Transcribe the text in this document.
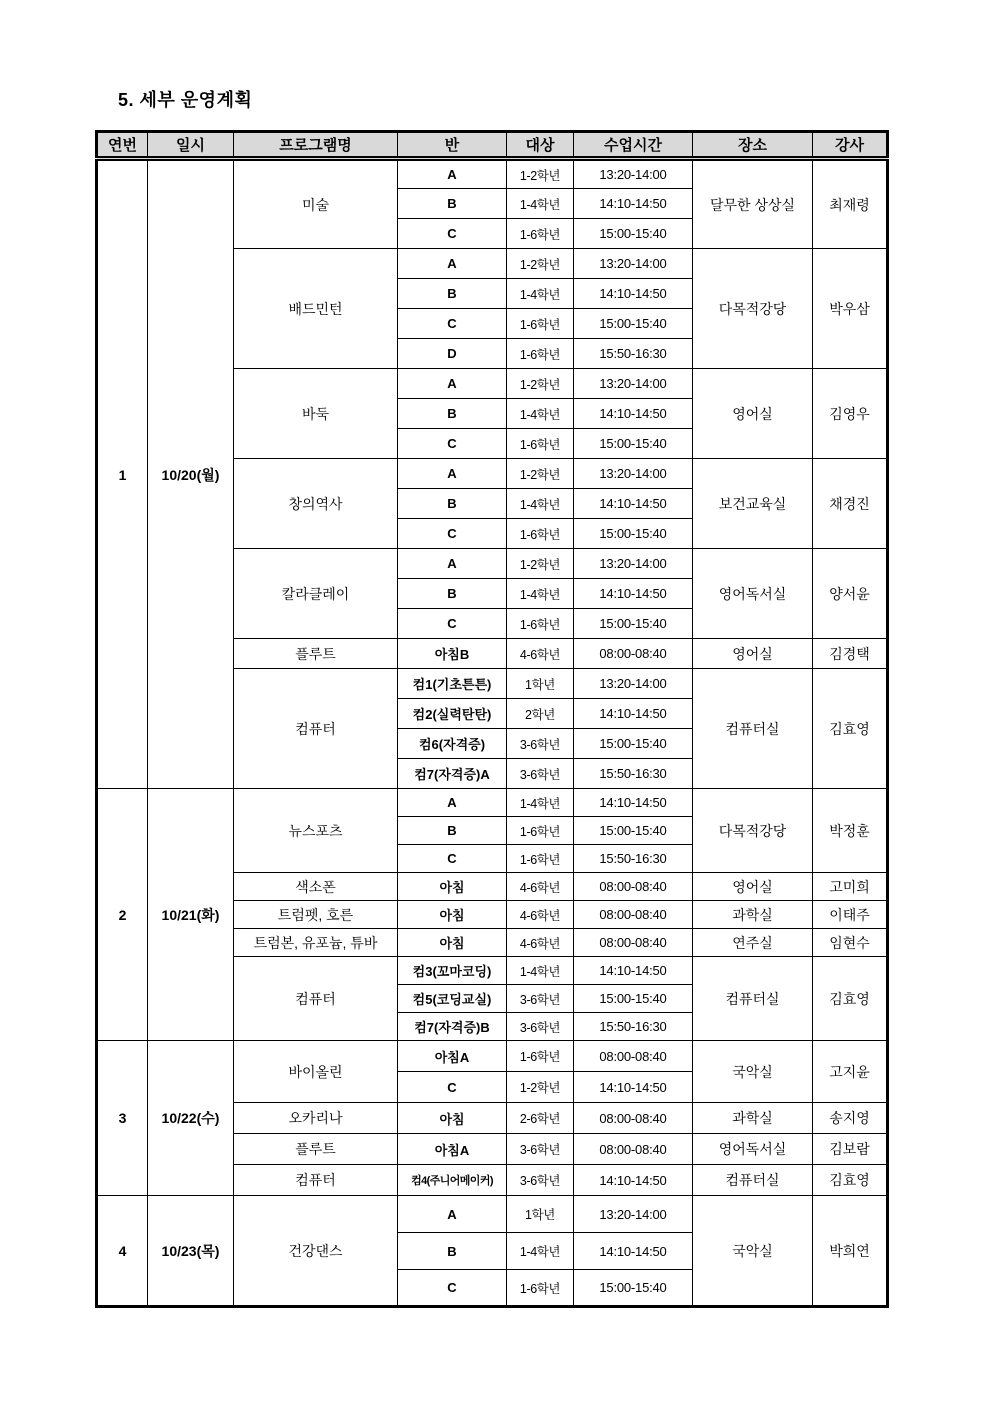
5. 세부 운영계획
연번	일시	프로그램명	반	대상	수업시간	장소	강사
1	10/20(월)	미술	A	1-2학년	13:20-14:00	달무한 상상실	최재령
			B	1-4학년	14:10-14:50		
			C	1-6학년	15:00-15:40		
		배드민턴	A	1-2학년	13:20-14:00	다목적강당	박우삼
			B	1-4학년	14:10-14:50		
			C	1-6학년	15:00-15:40		
			D	1-6학년	15:50-16:30		
		바둑	A	1-2학년	13:20-14:00	영어실	김영우
			B	1-4학년	14:10-14:50		
			C	1-6학년	15:00-15:40		
		창의역사	A	1-2학년	13:20-14:00	보건교육실	채경진
			B	1-4학년	14:10-14:50		
			C	1-6학년	15:00-15:40		
		칼라클레이	A	1-2학년	13:20-14:00	영어독서실	양서윤
			B	1-4학년	14:10-14:50		
			C	1-6학년	15:00-15:40		
		플루트	아침B	4-6학년	08:00-08:40	영어실	김경택
		컴퓨터	컴1(기초튼튼)	1학년	13:20-14:00	컴퓨터실	김효영
			컴2(실력탄탄)	2학년	14:10-14:50		
			컴6(자격증)	3-6학년	15:00-15:40		
			컴7(자격증)A	3-6학년	15:50-16:30		
2	10/21(화)	뉴스포츠	A	1-4학년	14:10-14:50	다목적강당	박정훈
			B	1-6학년	15:00-15:40		
			C	1-6학년	15:50-16:30		
		색소폰	아침	4-6학년	08:00-08:40	영어실	고미희
		트럼펫, 호른	아침	4-6학년	08:00-08:40	과학실	이태주
		트럼본, 유포늄, 튜바	아침	4-6학년	08:00-08:40	연주실	임현수
		컴퓨터	컴3(꼬마코딩)	1-4학년	14:10-14:50	컴퓨터실	김효영
			컴5(코딩교실)	3-6학년	15:00-15:40		
			컴7(자격증)B	3-6학년	15:50-16:30		
3	10/22(수)	바이올린	아침A	1-6학년	08:00-08:40	국악실	고지윤
			C	1-2학년	14:10-14:50		
		오카리나	아침	2-6학년	08:00-08:40	과학실	송지영
		플루트	아침A	3-6학년	08:00-08:40	영어독서실	김보람
		컴퓨터	컴4(주니어메이커)	3-6학년	14:10-14:50	컴퓨터실	김효영
4	10/23(목)	건강댄스	A	1학년	13:20-14:00	국악실	박희연
			B	1-4학년	14:10-14:50		
			C	1-6학년	15:00-15:40		
